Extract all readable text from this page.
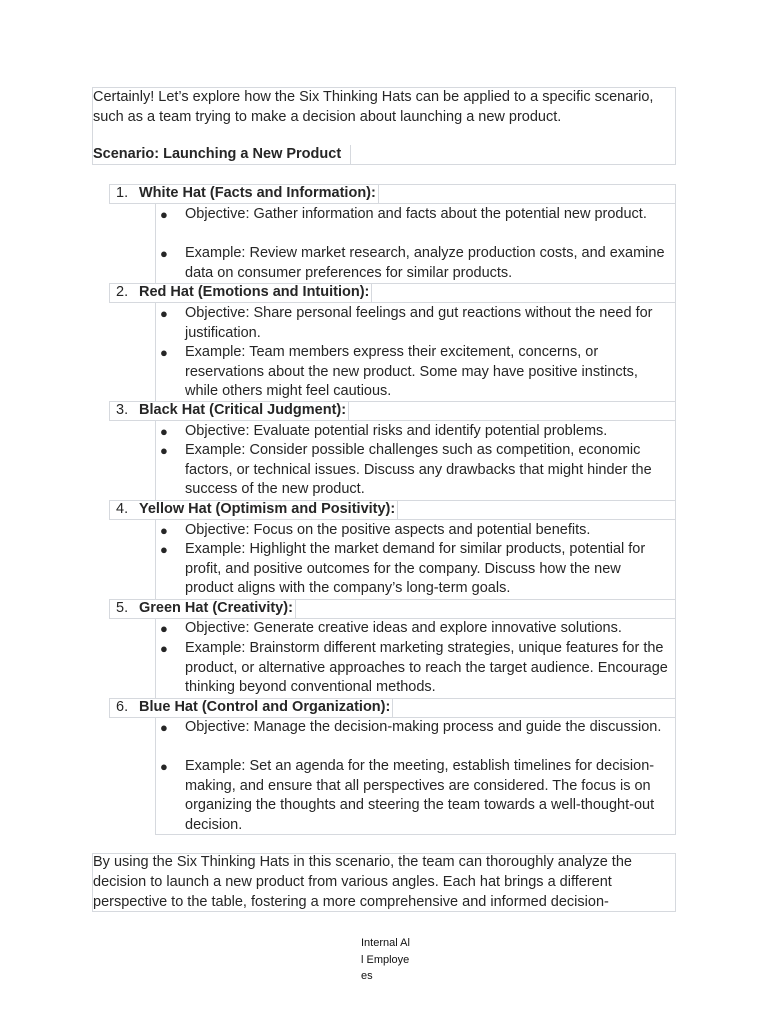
Certainly! Let’s explore how the Six Thinking Hats can be applied to a specific scenario, such as a team trying to make a decision about launching a new product.
Scenario: Launching a New Product
1. White Hat (Facts and Information):
● Objective: Gather information and facts about the potential new product.
● Example: Review market research, analyze production costs, and examine data on consumer preferences for similar products.
2. Red Hat (Emotions and Intuition):
● Objective: Share personal feelings and gut reactions without the need for justification.
● Example: Team members express their excitement, concerns, or reservations about the new product. Some may have positive instincts, while others might feel cautious.
3. Black Hat (Critical Judgment):
● Objective: Evaluate potential risks and identify potential problems.
● Example: Consider possible challenges such as competition, economic factors, or technical issues. Discuss any drawbacks that might hinder the success of the new product.
4. Yellow Hat (Optimism and Positivity):
● Objective: Focus on the positive aspects and potential benefits.
● Example: Highlight the market demand for similar products, potential for profit, and positive outcomes for the company. Discuss how the new product aligns with the company’s long-term goals.
5. Green Hat (Creativity):
● Objective: Generate creative ideas and explore innovative solutions.
● Example: Brainstorm different marketing strategies, unique features for the product, or alternative approaches to reach the target audience. Encourage thinking beyond conventional methods.
6. Blue Hat (Control and Organization):
● Objective: Manage the decision-making process and guide the discussion.
● Example: Set an agenda for the meeting, establish timelines for decision-making, and ensure that all perspectives are considered. The focus is on organizing the thoughts and steering the team towards a well-thought-out decision.
By using the Six Thinking Hats in this scenario, the team can thoroughly analyze the decision to launch a new product from various angles. Each hat brings a different perspective to the table, fostering a more comprehensive and informed decision-
Internal All Employees
